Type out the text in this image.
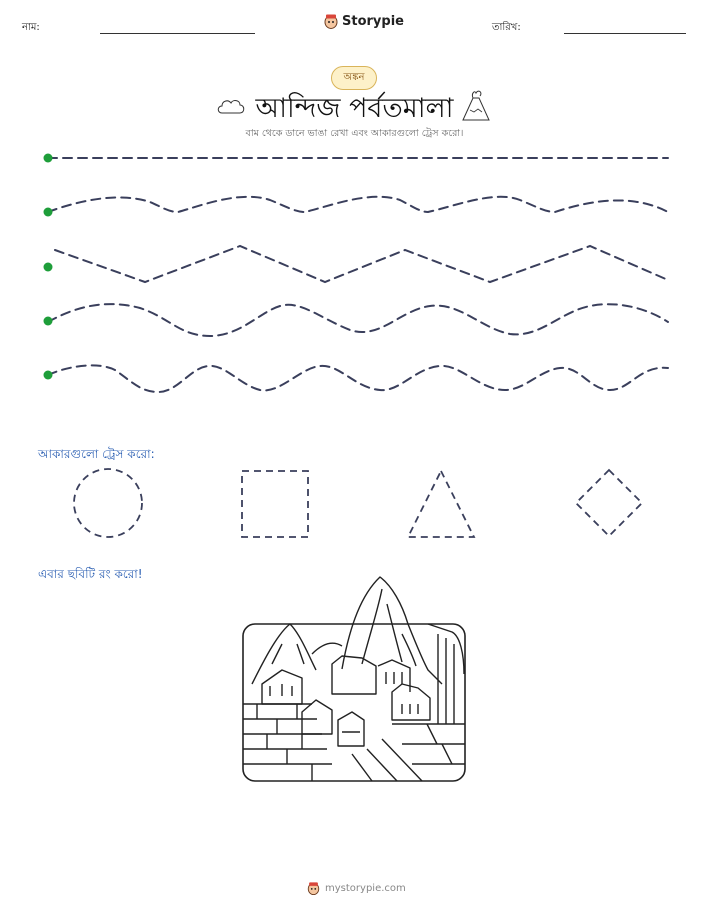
নাম:	Storypie	তারিখ:
অঙ্কন
আন্দিজ পর্বতমালা
বাম থেকে ডানে ভাঙা রেখা এবং আকারগুলো ট্রেস করো।
আকারগুলো ট্রেস করো:
এবার ছবিটি রং করো!
mystorypie.com
